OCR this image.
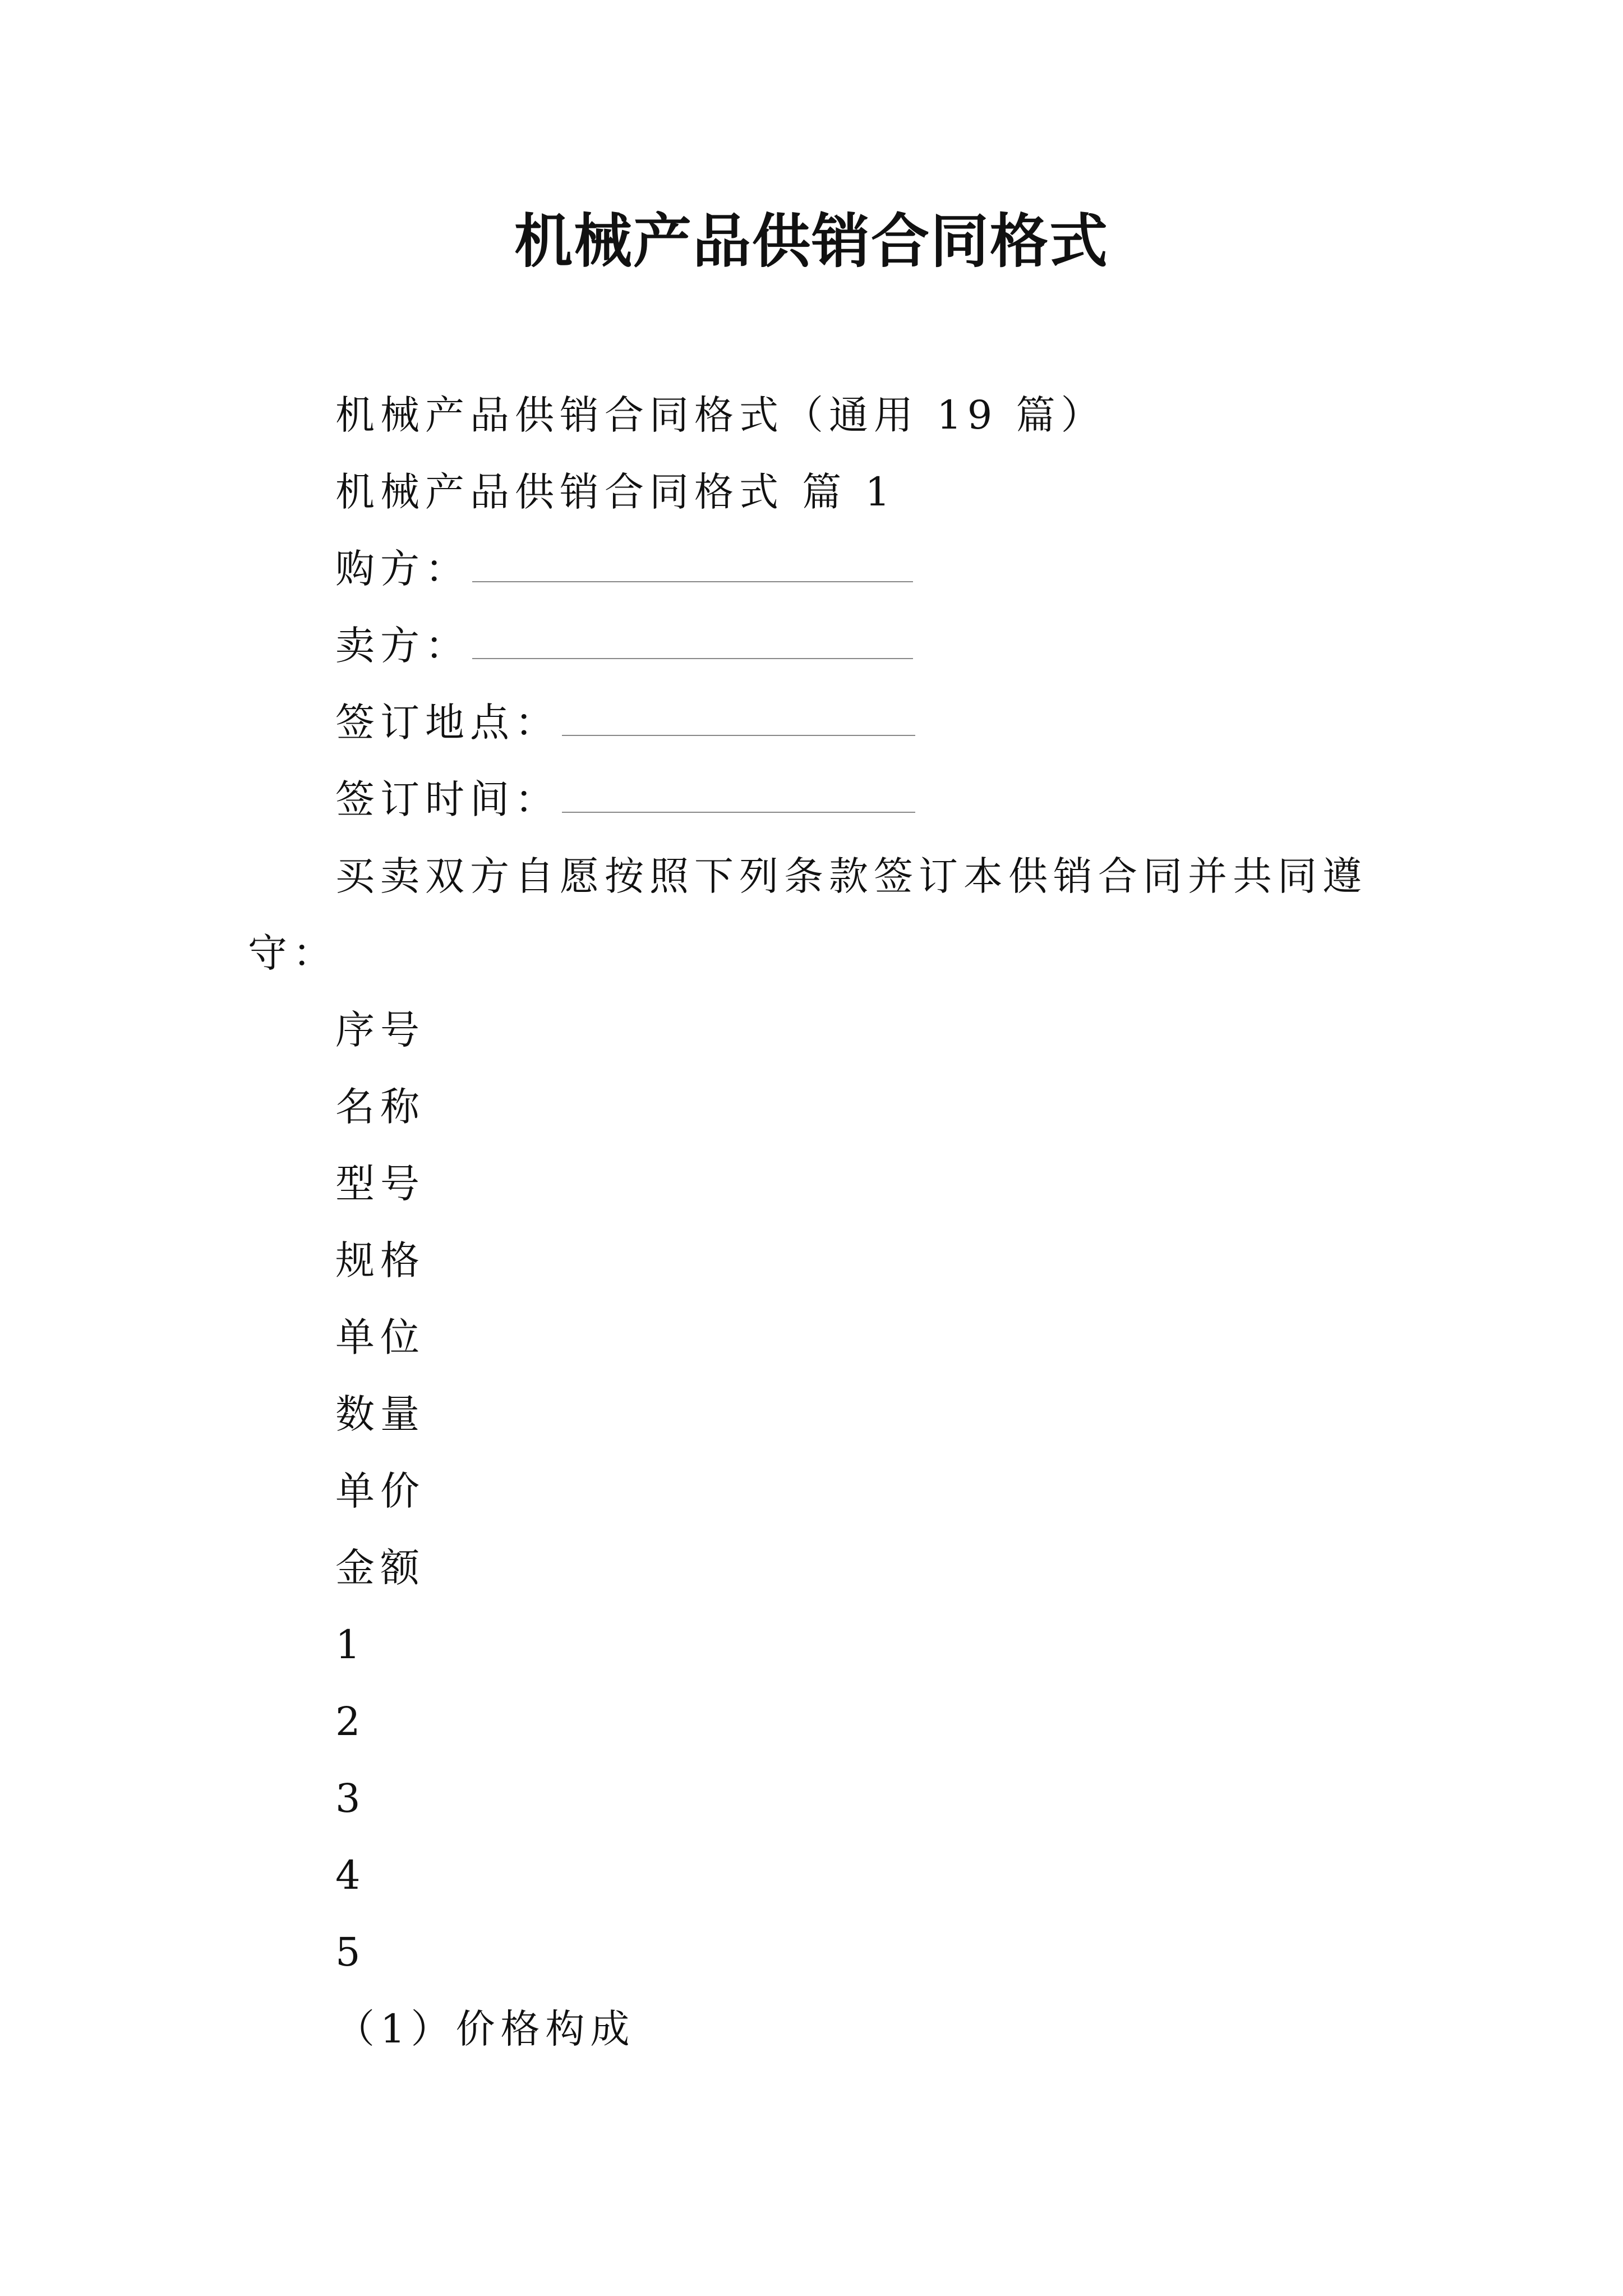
机械产品供销合同格式
机械产品供销合同格式（通用 19 篇）
机械产品供销合同格式 篇 1
购方：
卖方：
签订地点：
签订时间：
买卖双方自愿按照下列条款签订本供销合同并共同遵
守：
序号
名称
型号
规格
单位
数量
单价
金额
1
2
3
4
5
（1）价格构成
